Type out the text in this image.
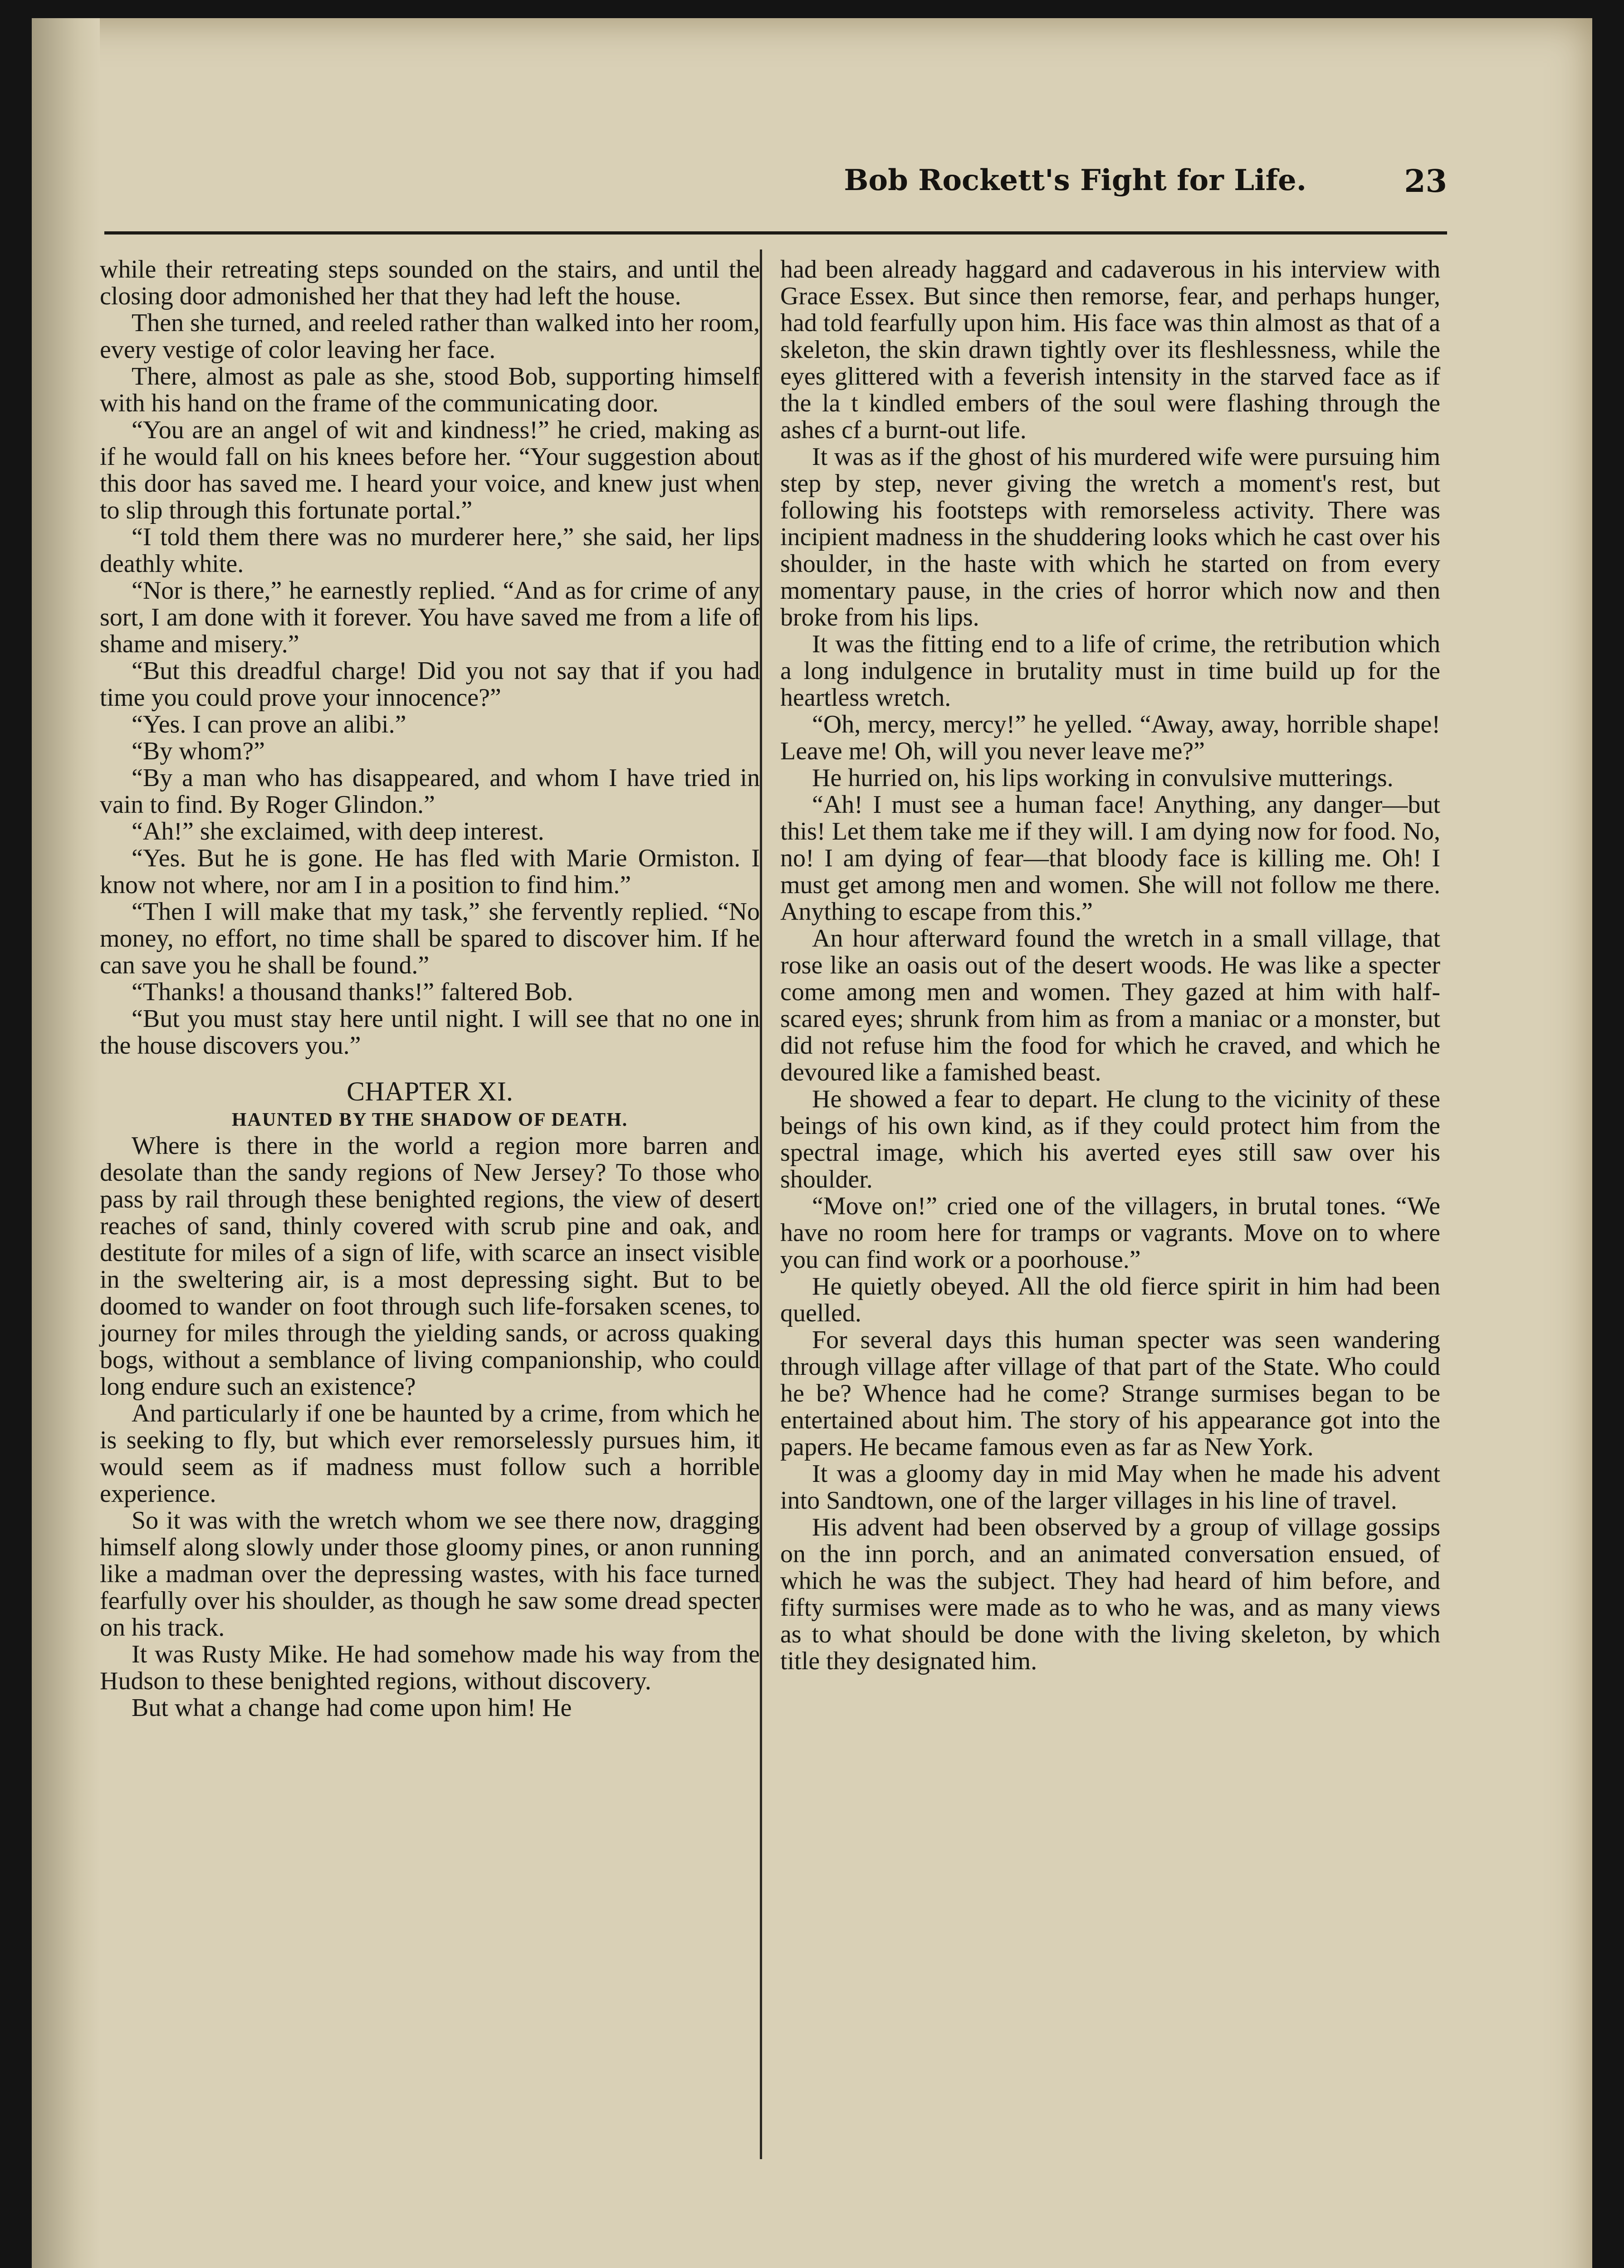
Bob Rockett's Fight for Life.	23

while their retreating steps sounded on the stairs, and until the closing door admonished her that they had left the house.

Then she turned, and reeled rather than walked into her room, every vestige of color leaving her face.

There, almost as pale as she, stood Bob, supporting himself with his hand on the frame of the communicating door.

“You are an angel of wit and kindness!” he cried, making as if he would fall on his knees before her. “Your suggestion about this door has saved me. I heard your voice, and knew just when to slip through this fortunate portal.”

“I told them there was no murderer here,” she said, her lips deathly white.

“Nor is there,” he earnestly replied. “And as for crime of any sort, I am done with it forever. You have saved me from a life of shame and misery.”

“But this dreadful charge! Did you not say that if you had time you could prove your innocence?”

“Yes. I can prove an alibi.”

“By whom?”

“By a man who has disappeared, and whom I have tried in vain to find. By Roger Glindon.”

“Ah!” she exclaimed, with deep interest.

“Yes. But he is gone. He has fled with Marie Ormiston. I know not where, nor am I in a position to find him.”

“Then I will make that my task,” she fervently replied. “No money, no effort, no time shall be spared to discover him. If he can save you he shall be found.”

“Thanks! a thousand thanks!” faltered Bob.

“But you must stay here until night. I will see that no one in the house discovers you.”

CHAPTER XI.

HAUNTED BY THE SHADOW OF DEATH.

Where is there in the world a region more barren and desolate than the sandy regions of New Jersey? To those who pass by rail through these benighted regions, the view of desert reaches of sand, thinly covered with scrub pine and oak, and destitute for miles of a sign of life, with scarce an insect visible in the sweltering air, is a most depressing sight. But to be doomed to wander on foot through such life-forsaken scenes, to journey for miles through the yielding sands, or across quaking bogs, without a semblance of living companionship, who could long endure such an existence?

And particularly if one be haunted by a crime, from which he is seeking to fly, but which ever remorselessly pursues him, it would seem as if madness must follow such a horrible experience.

So it was with the wretch whom we see there now, dragging himself along slowly under those gloomy pines, or anon running like a madman over the depressing wastes, with his face turned fearfully over his shoulder, as though he saw some dread specter on his track.

It was Rusty Mike. He had somehow made his way from the Hudson to these benighted regions, without discovery.

But what a change had come upon him! He

had been already haggard and cadaverous in his interview with Grace Essex. But since then remorse, fear, and perhaps hunger, had told fearfully upon him. His face was thin almost as that of a skeleton, the skin drawn tightly over its fleshlessness, while the eyes glittered with a feverish intensity in the starved face as if the la t kindled embers of the soul were flashing through the ashes cf a burnt-out life.

It was as if the ghost of his murdered wife were pursuing him step by step, never giving the wretch a moment's rest, but following his footsteps with remorseless activity. There was incipient madness in the shuddering looks which he cast over his shoulder, in the haste with which he started on from every momentary pause, in the cries of horror which now and then broke from his lips.

It was the fitting end to a life of crime, the retribution which a long indulgence in brutality must in time build up for the heartless wretch.

“Oh, mercy, mercy!” he yelled. “Away, away, horrible shape! Leave me! Oh, will you never leave me?”

He hurried on, his lips working in convulsive mutterings.

“Ah! I must see a human face! Anything, any danger—but this! Let them take me if they will. I am dying now for food. No, no! I am dying of fear—that bloody face is killing me. Oh! I must get among men and women. She will not follow me there. Anything to escape from this.”

An hour afterward found the wretch in a small village, that rose like an oasis out of the desert woods. He was like a specter come among men and women. They gazed at him with half-scared eyes; shrunk from him as from a maniac or a monster, but did not refuse him the food for which he craved, and which he devoured like a famished beast.

He showed a fear to depart. He clung to the vicinity of these beings of his own kind, as if they could protect him from the spectral image, which his averted eyes still saw over his shoulder.

“Move on!” cried one of the villagers, in brutal tones. “We have no room here for tramps or vagrants. Move on to where you can find work or a poorhouse.”

He quietly obeyed. All the old fierce spirit in him had been quelled.

For several days this human specter was seen wandering through village after village of that part of the State. Who could he be? Whence had he come? Strange surmises began to be entertained about him. The story of his appearance got into the papers. He became famous even as far as New York.

It was a gloomy day in mid May when he made his advent into Sandtown, one of the larger villages in his line of travel.

His advent had been observed by a group of village gossips on the inn porch, and an animated conversation ensued, of which he was the subject. They had heard of him before, and fifty surmises were made as to who he was, and as many views as to what should be done with the living skeleton, by which title they designated him.
